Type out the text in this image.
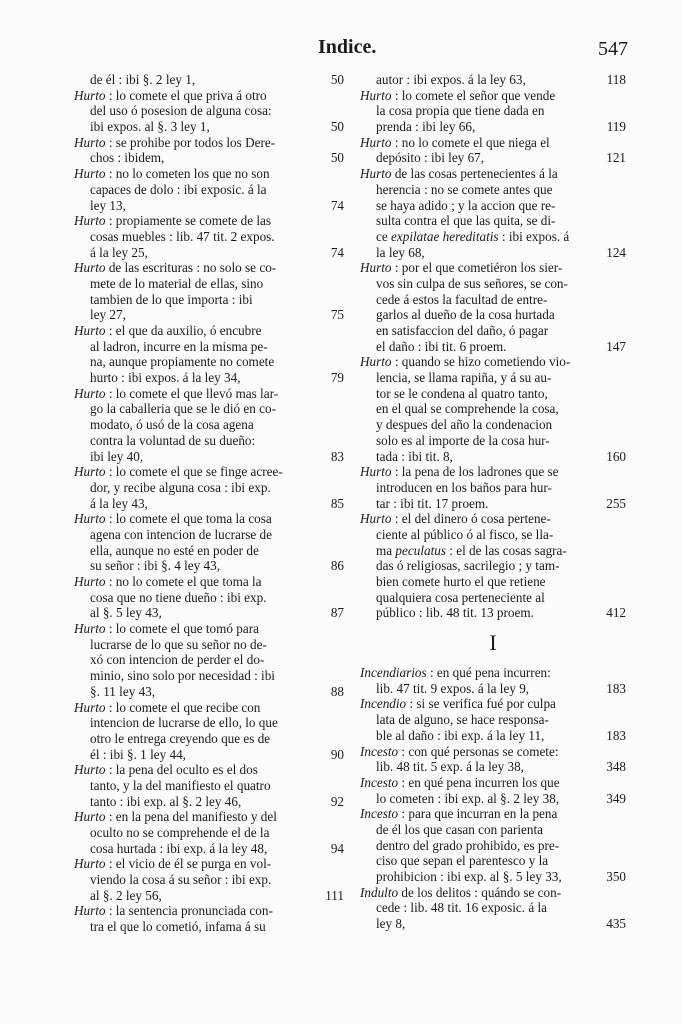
Indice.	547
de él : ibi §. 2 ley 1,	50
Hurto : lo comete el que priva á otro
del uso ó posesion de alguna cosa:
ibi expos. al §. 3 ley 1,	50
Hurto : se prohibe por todos los Dere-
chos : ibidem,	50
Hurto : no lo cometen los que no son
capaces de dolo : ibi exposic. á la
ley 13,	74
Hurto : propiamente se comete de las
cosas muebles : lib. 47 tit. 2 expos.
á la ley 25,	74
Hurto de las escrituras : no solo se co-
mete de lo material de ellas, sino
tambien de lo que importa : ibi
ley 27,	75
Hurto : el que da auxilio, ó encubre
al ladron, incurre en la misma pe-
na, aunque propiamente no comete
hurto : ibi expos. á la ley 34,	79
Hurto : lo comete el que llevó mas lar-
go la caballeria que se le dió en co-
modato, ó usó de la cosa agena
contra la voluntad de su dueño:
ibi ley 40,	83
Hurto : lo comete el que se finge acree-
dor, y recibe alguna cosa : ibi exp.
á la ley 43,	85
Hurto : lo comete el que toma la cosa
agena con intencion de lucrarse de
ella, aunque no esté en poder de
su señor : ibi §. 4 ley 43,	86
Hurto : no lo comete el que toma la
cosa que no tiene dueño : ibi exp.
al §. 5 ley 43,	87
Hurto : lo comete el que tomó para
lucrarse de lo que su señor no de-
xó con intencion de perder el do-
minio, sino solo por necesidad : ibi
§. 11 ley 43,	88
Hurto : lo comete el que recibe con
intencion de lucrarse de ello, lo que
otro le entrega creyendo que es de
él : ibi §. 1 ley 44,	90
Hurto : la pena del oculto es el dos
tanto, y la del manifiesto el quatro
tanto : ibi exp. al §. 2 ley 46,	92
Hurto : en la pena del manifiesto y del
oculto no se comprehende el de la
cosa hurtada : ibi exp. á la ley 48,	94
Hurto : el vicio de él se purga en vol-
viendo la cosa á su señor : ibi exp.
al §. 2 ley 56,	111
Hurto : la sentencia pronunciada con-
tra el que lo cometió, infama á su
autor : ibi expos. á la ley 63,	118
Hurto : lo comete el señor que vende
la cosa propia que tiene dada en
prenda : ibi ley 66,	119
Hurto : no lo comete el que niega el
depósito : ibi ley 67,	121
Hurto de las cosas pertenecientes á la
herencia : no se comete antes que
se haya adido ; y la accion que re-
sulta contra el que las quita, se di-
ce expilatae hereditatis : ibi expos. á
la ley 68,	124
Hurto : por el que cometiéron los sier-
vos sin culpa de sus señores, se con-
cede á estos la facultad de entre-
garlos al dueño de la cosa hurtada
en satisfaccion del daño, ó pagar
el daño : ibi tit. 6 proem.	147
Hurto : quando se hizo cometiendo vio-
lencia, se llama rapiña, y á su au-
tor se le condena al quatro tanto,
en el qual se comprehende la cosa,
y despues del año la condenacion
solo es al importe de la cosa hur-
tada : ibi tit. 8,	160
Hurto : la pena de los ladrones que se
introducen en los baños para hur-
tar : ibi tit. 17 proem.	255
Hurto : el del dinero ó cosa pertene-
ciente al público ó al fisco, se lla-
ma peculatus : el de las cosas sagra-
das ó religiosas, sacrilegio ; y tam-
bien comete hurto el que retiene
qualquiera cosa perteneciente al
público : lib. 48 tit. 13 proem.	412
I
Incendiarios : en qué pena incurren:
lib. 47 tit. 9 expos. á la ley 9,	183
Incendio : si se verifica fué por culpa
lata de alguno, se hace responsa-
ble al daño : ibi exp. á la ley 11,	183
Incesto : con qué personas se comete:
lib. 48 tit. 5 exp. á la ley 38,	348
Incesto : en qué pena incurren los que
lo cometen : ibi exp. al §. 2 ley 38,	349
Incesto : para que incurran en la pena
de él los que casan con parienta
dentro del grado prohibido, es pre-
ciso que sepan el parentesco y la
prohibicion : ibi exp. al §. 5 ley 33,	350
Indulto de los delitos : quándo se con-
cede : lib. 48 tit. 16 exposic. á la
ley 8,	435
